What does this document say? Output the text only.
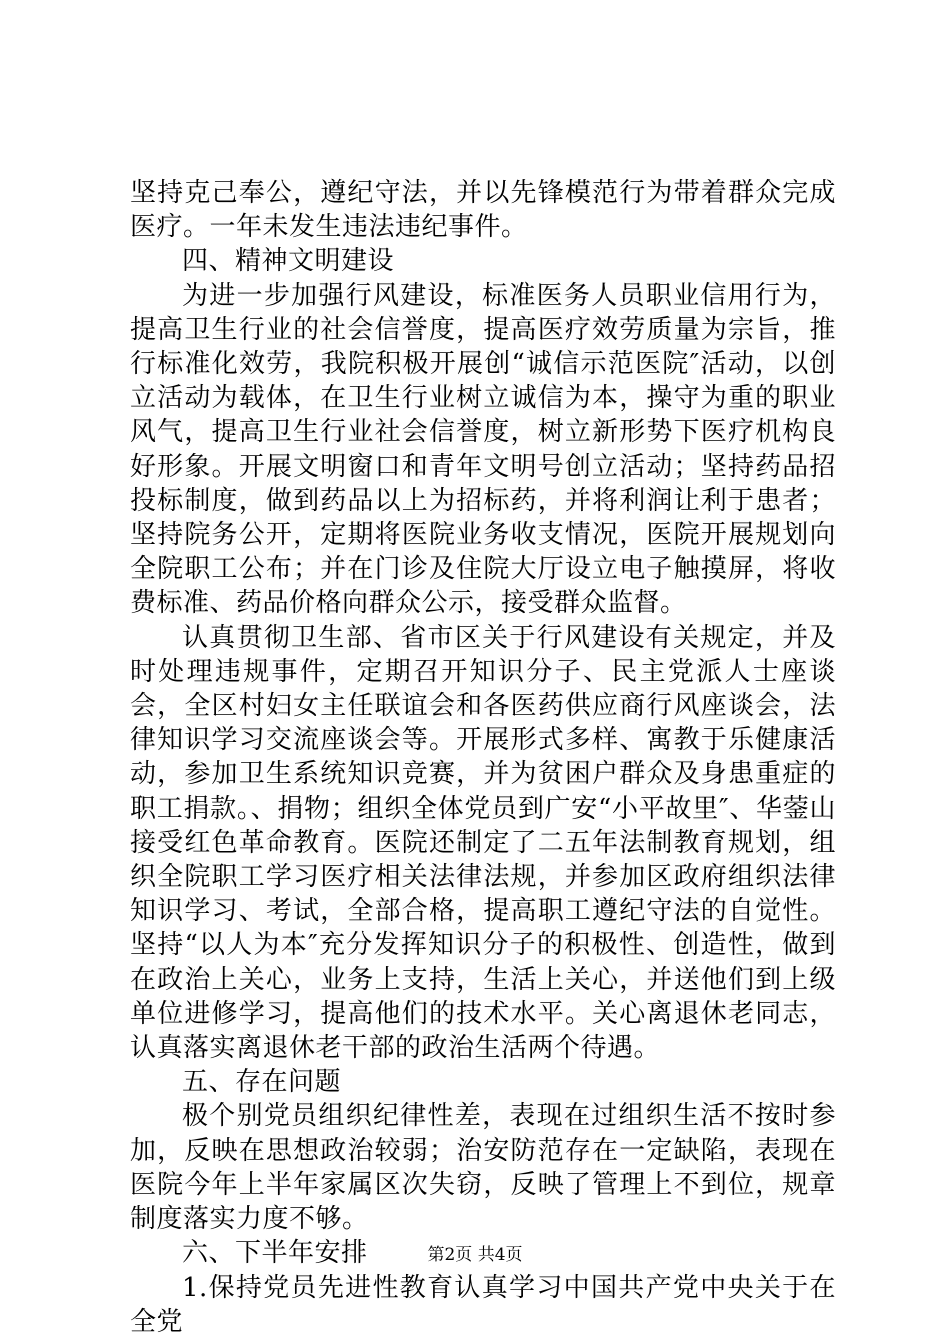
坚持克己奉公，遵纪守法，并以先锋模范行为带着群众完成医疗。一年未发生违法违纪事件。

四、精神文明建设

为进一步加强行风建设，标准医务人员职业信用行为，提高卫生行业的社会信誉度，提高医疗效劳质量为宗旨，推行标准化效劳，我院积极开展创“诚信示范医院″活动，以创立活动为载体，在卫生行业树立诚信为本，操守为重的职业风气，提高卫生行业社会信誉度，树立新形势下医疗机构良好形象。开展文明窗口和青年文明号创立活动；坚持药品招投标制度，做到药品以上为招标药，并将利润让利于患者；坚持院务公开，定期将医院业务收支情况，医院开展规划向全院职工公布；并在门诊及住院大厅设立电子触摸屏，将收费标准、药品价格向群众公示，接受群众监督。

认真贯彻卫生部、省市区关于行风建设有关规定，并及时处理违规事件，定期召开知识分子、民主党派人士座谈会，全区村妇女主任联谊会和各医药供应商行风座谈会，法律知识学习交流座谈会等。开展形式多样、寓教于乐健康活动，参加卫生系统知识竞赛，并为贫困户群众及身患重症的职工捐款。、捐物；组织全体党员到广安“小平故里″、华蓥山接受红色革命教育。医院还制定了二五年法制教育规划，组织全院职工学习医疗相关法律法规，并参加区政府组织法律知识学习、考试，全部合格，提高职工遵纪守法的自觉性。坚持“以人为本″充分发挥知识分子的积极性、创造性，做到在政治上关心，业务上支持，生活上关心，并送他们到上级单位进修学习，提高他们的技术水平。关心离退休老同志，认真落实离退休老干部的政治生活两个待遇。

五、存在问题

极个别党员组织纪律性差，表现在过组织生活不按时参加，反映在思想政治较弱；治安防范存在一定缺陷，表现在医院今年上半年家属区次失窃，反映了管理上不到位，规章制度落实力度不够。

六、下半年安排

1.保持党员先进性教育认真学习中国共产党中央关于在全党

第2页 共4页
